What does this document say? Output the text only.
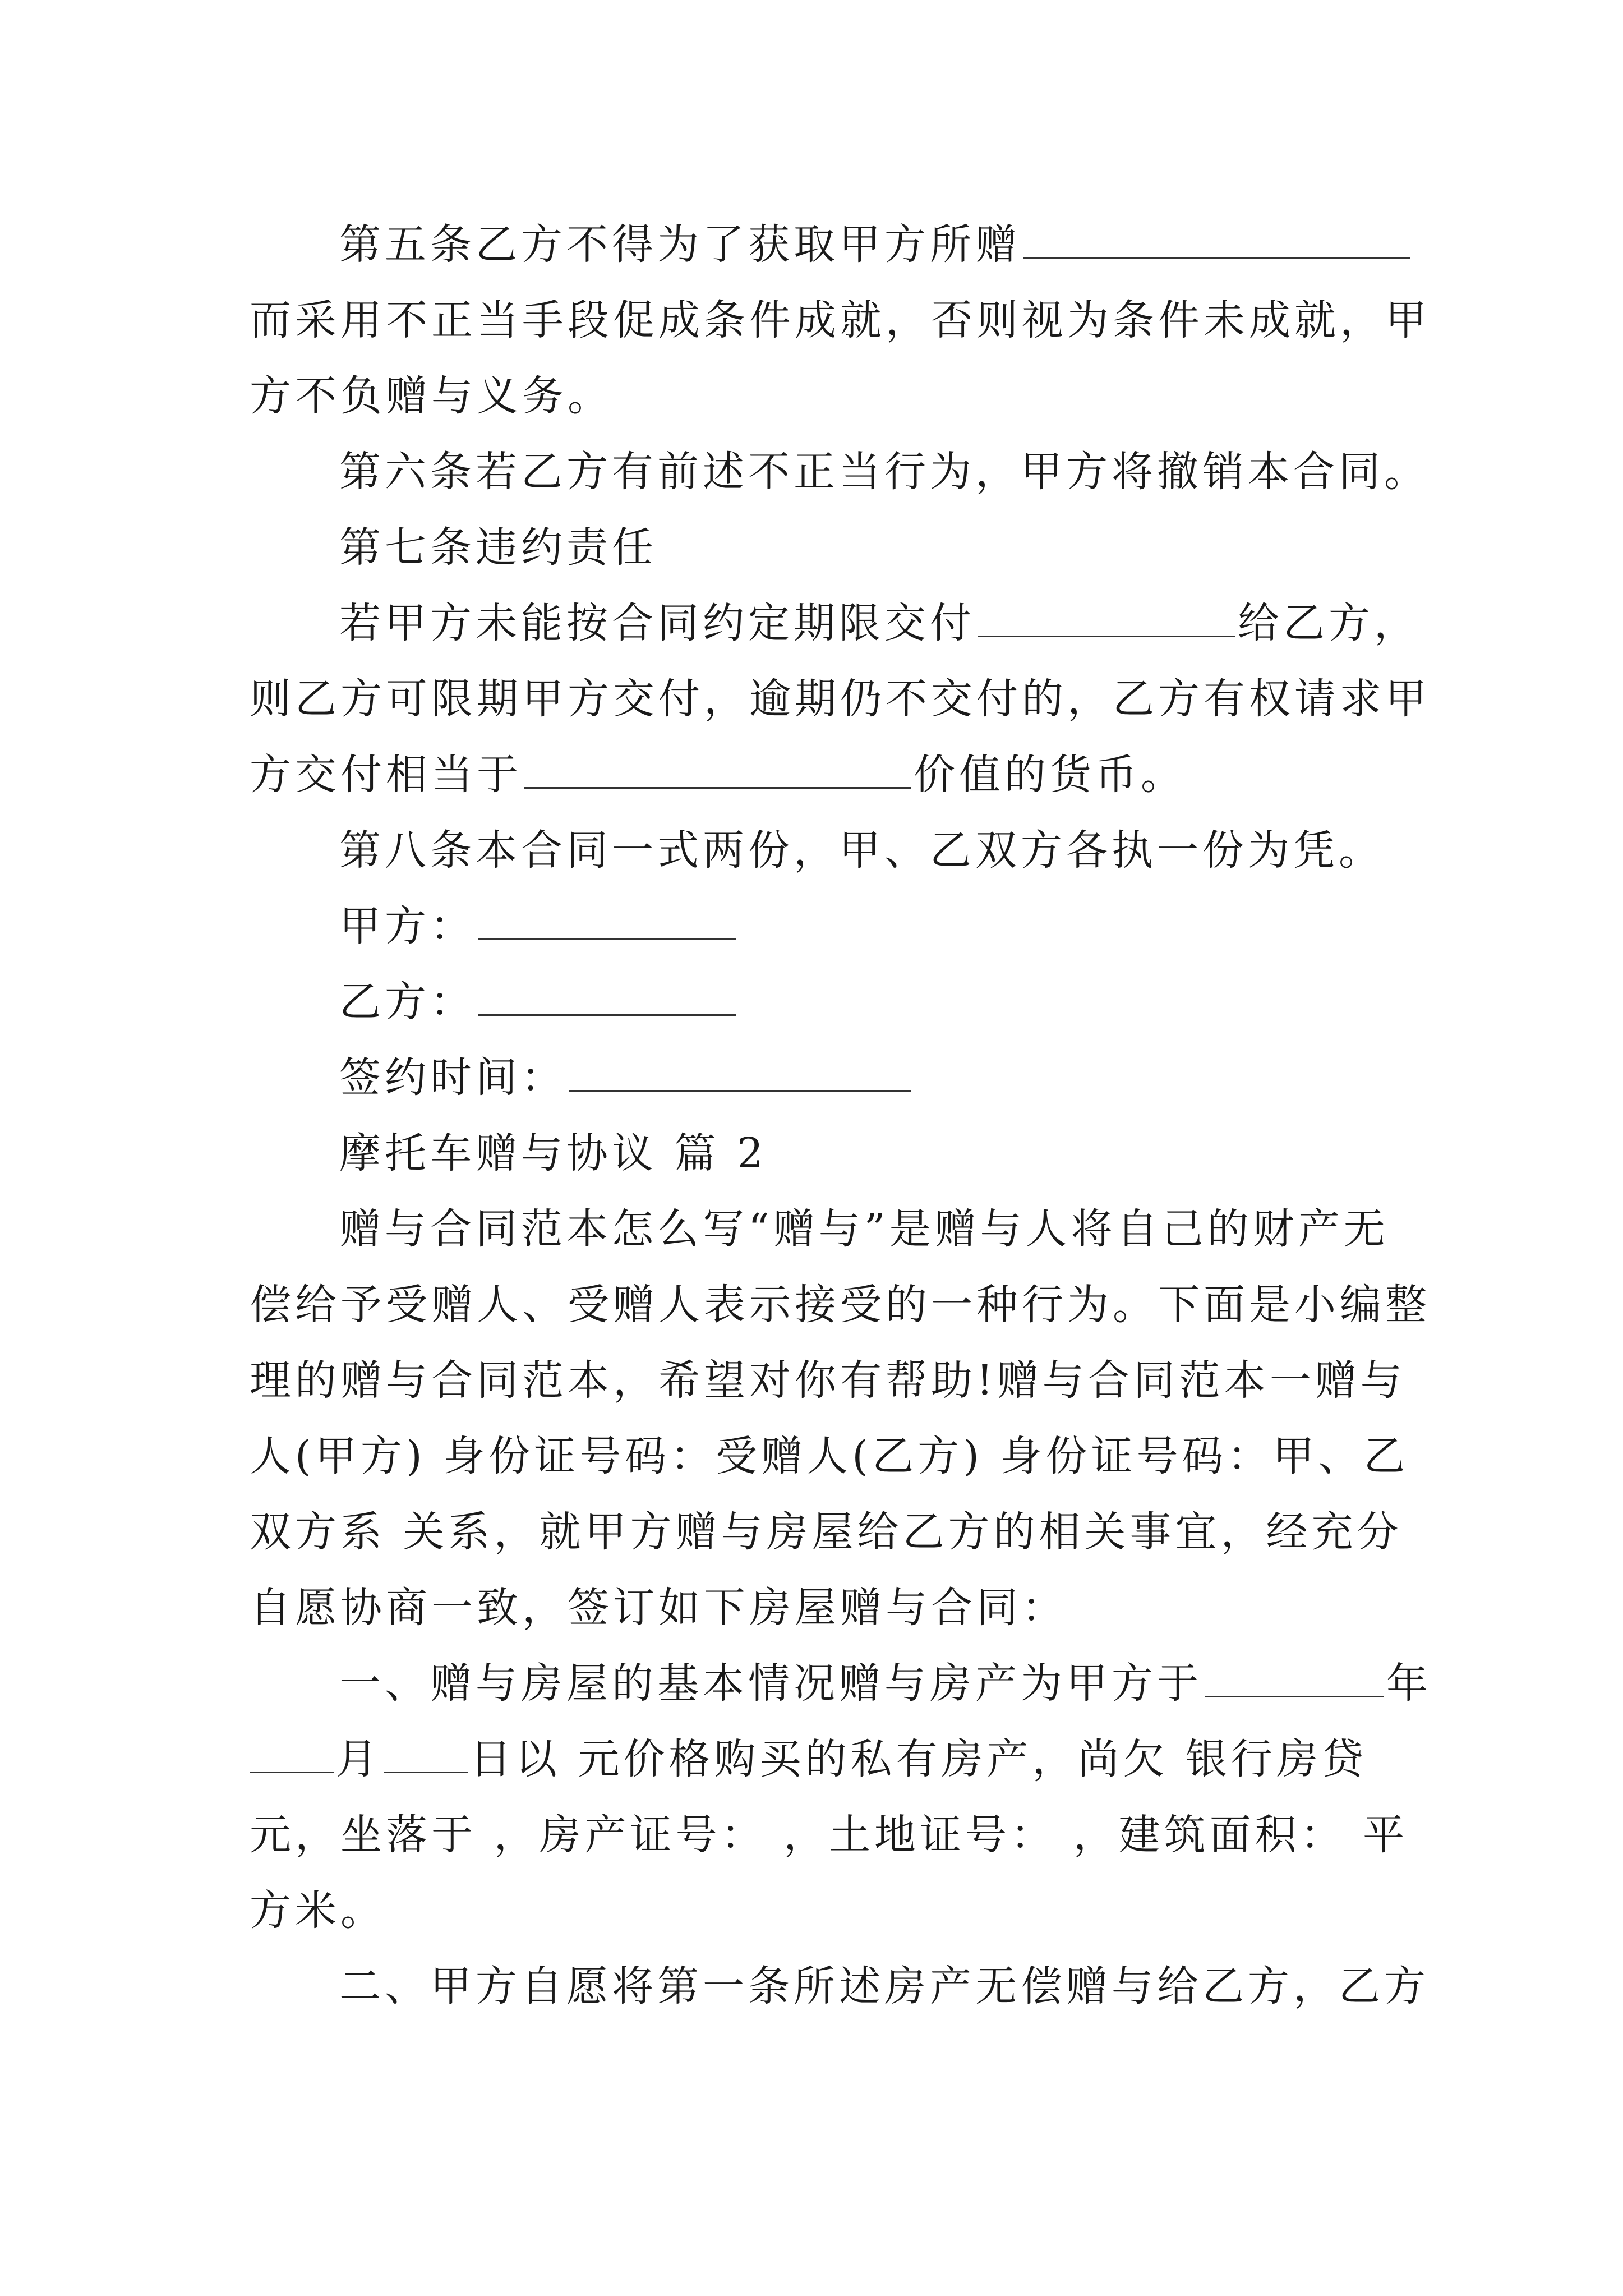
第五条乙方不得为了获取甲方所赠
而采用不正当手段促成条件成就，否则视为条件未成就，甲
方不负赠与义务。
第六条若乙方有前述不正当行为，甲方将撤销本合同。
第七条违约责任
若甲方未能按合同约定期限交付	给乙方，
则乙方可限期甲方交付，逾期仍不交付的，乙方有权请求甲
方交付相当于	价值的货币。
第八条本合同一式两份，甲、乙双方各执一份为凭。
甲方：
乙方：
签约时间：
摩托车赠与协议 篇 2
赠与合同范本怎么写“赠与”是赠与人将自己的财产无
偿给予受赠人、受赠人表示接受的一种行为。下面是小编整
理的赠与合同范本，希望对你有帮助!赠与合同范本一赠与
人(甲方) 身份证号码：受赠人(乙方) 身份证号码：甲、乙
双方系 关系，就甲方赠与房屋给乙方的相关事宜，经充分
自愿协商一致，签订如下房屋赠与合同：
一、赠与房屋的基本情况赠与房产为甲方于	年
月 日以 元价格购买的私有房产，尚欠 银行房贷
元，坐落于 ，房产证号： ，土地证号： ，建筑面积： 平
方米。
二、甲方自愿将第一条所述房产无偿赠与给乙方，乙方
